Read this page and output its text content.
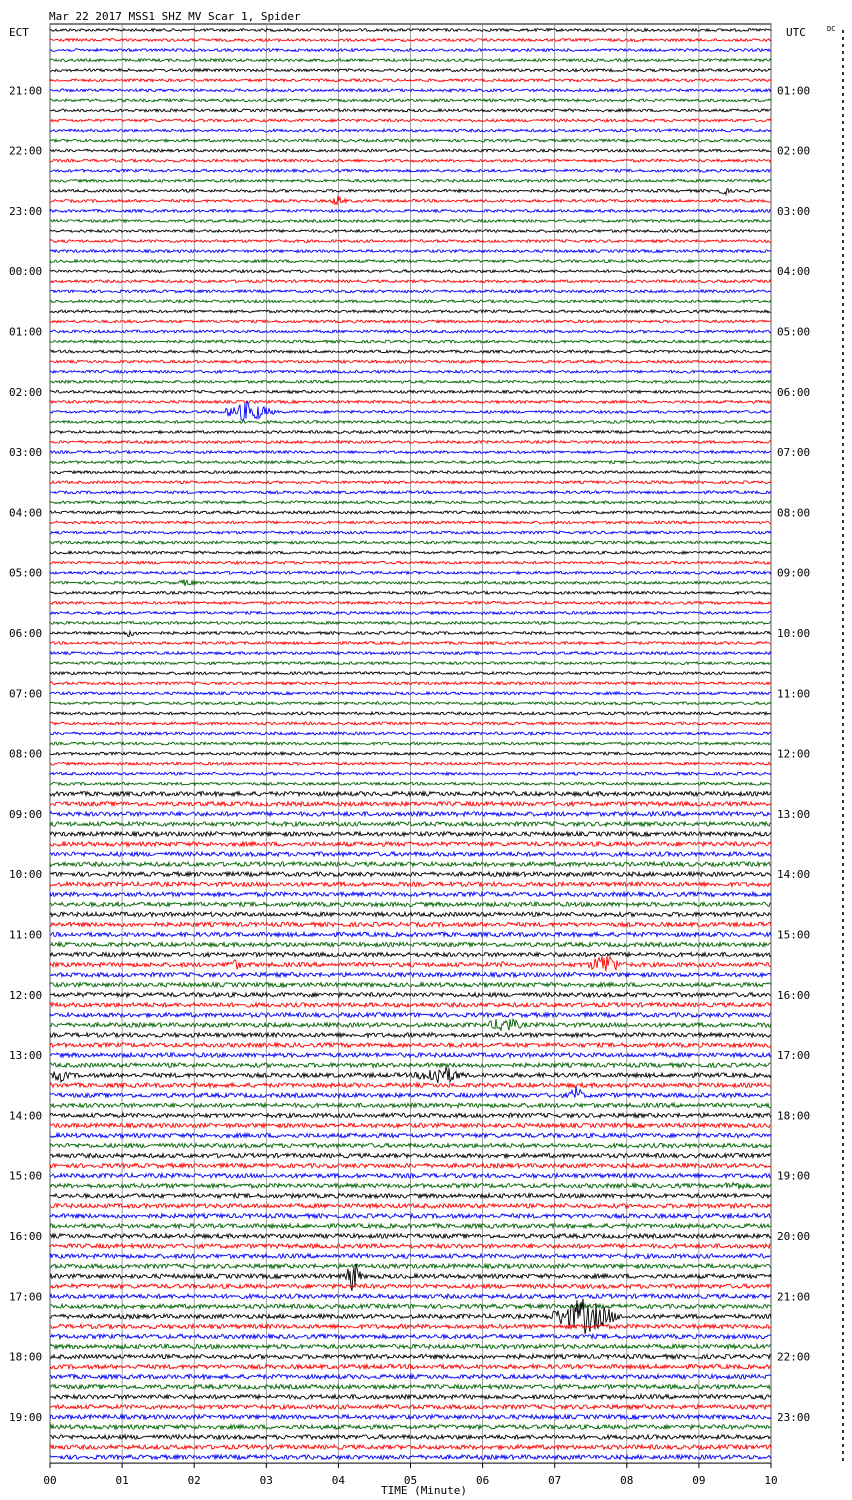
Mar 22 2017 MSS1 SHZ MV Scar 1, Spider
ECT	UTC	DC
TIME (Minute)
00	01	02	03	04	05	06	07	08	09	10
21:00
22:00
23:00
00:00
01:00
02:00
03:00
04:00
05:00
06:00
07:00
08:00
09:00
10:00
11:00
12:00
13:00
14:00
15:00
16:00
17:00
18:00
19:00
01:00
02:00
03:00
04:00
05:00
06:00
07:00
08:00
09:00
10:00
11:00
12:00
13:00
14:00
15:00
16:00
17:00
18:00
19:00
20:00
21:00
22:00
23:00
